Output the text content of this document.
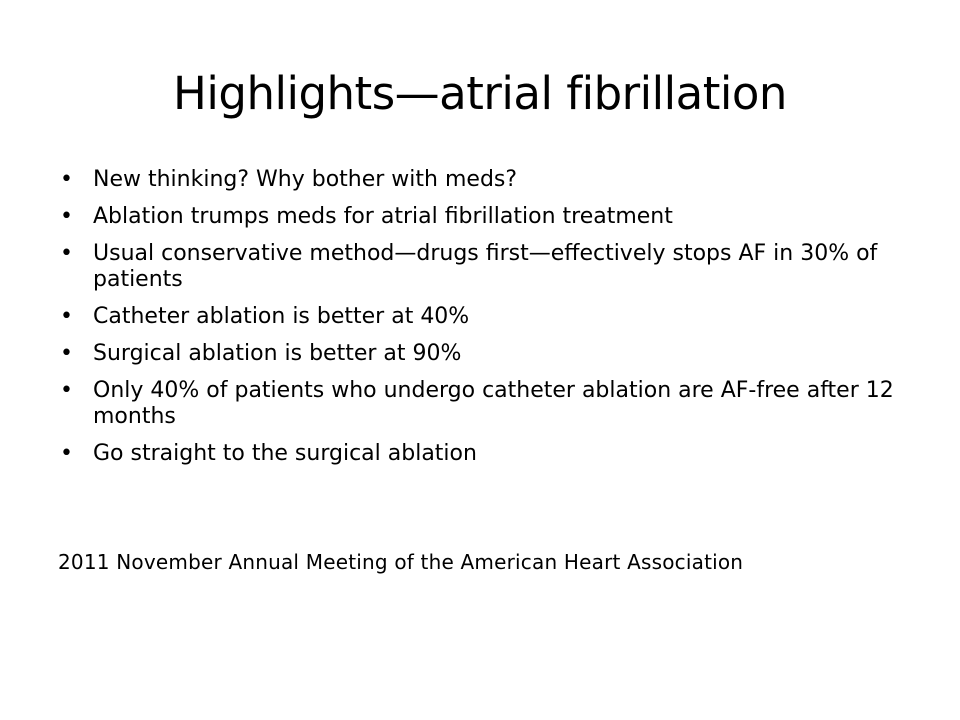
Highlights—atrial fibrillation
• New thinking? Why bother with meds?
• Ablation trumps meds for atrial fibrillation treatment
• Usual conservative method—drugs first—effectively stops AF in 30% of patients
• Catheter ablation is better at 40%
• Surgical ablation is better at 90%
• Only 40% of patients who undergo catheter ablation are AF-free after 12 months
• Go straight to the surgical ablation

2011 November Annual Meeting of the American Heart Association
